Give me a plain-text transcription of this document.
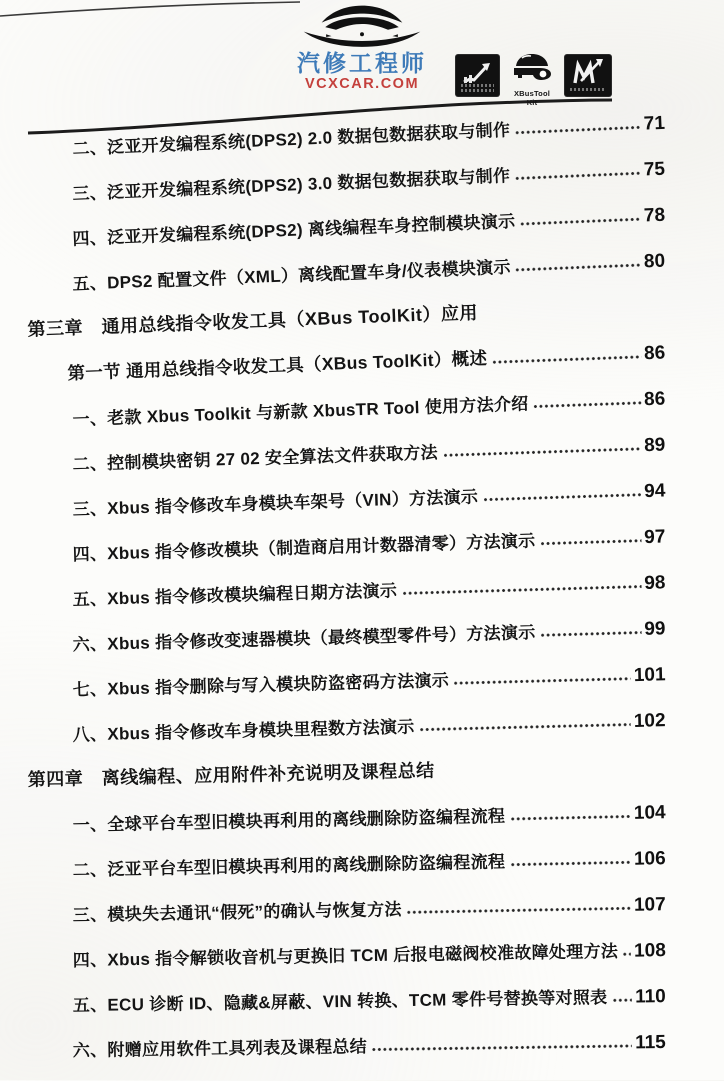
汽修工程师
VCXCAR.COM
XBusTool
Kit
二、泛亚开发编程系统(DPS2) 2.0 数据包数据获取与制作	71
三、泛亚开发编程系统(DPS2) 3.0 数据包数据获取与制作	75
四、泛亚开发编程系统(DPS2) 离线编程车身控制模块演示	78
五、DPS2 配置文件（XML）离线配置车身/仪表模块演示	80
第三章　通用总线指令收发工具（XBus ToolKit）应用
第一节 通用总线指令收发工具（XBus ToolKit）概述	86
一、老款 Xbus Toolkit 与新款 XbusTR Tool 使用方法介绍	86
二、控制模块密钥 27 02 安全算法文件获取方法	89
三、Xbus 指令修改车身模块车架号（VIN）方法演示	94
四、Xbus 指令修改模块（制造商启用计数器清零）方法演示	97
五、Xbus 指令修改模块编程日期方法演示	98
六、Xbus 指令修改变速器模块（最终模型零件号）方法演示	99
七、Xbus 指令删除与写入模块防盗密码方法演示	101
八、Xbus 指令修改车身模块里程数方法演示	102
第四章　离线编程、应用附件补充说明及课程总结
一、全球平台车型旧模块再利用的离线删除防盗编程流程	104
二、泛亚平台车型旧模块再利用的离线删除防盗编程流程	106
三、模块失去通讯“假死”的确认与恢复方法	107
四、Xbus 指令解锁收音机与更换旧 TCM 后报电磁阀校准故障处理方法 108
五、ECU 诊断 ID、隐藏&屏蔽、VIN 转换、TCM 零件号替换等对照表 110
六、附赠应用软件工具列表及课程总结	115
